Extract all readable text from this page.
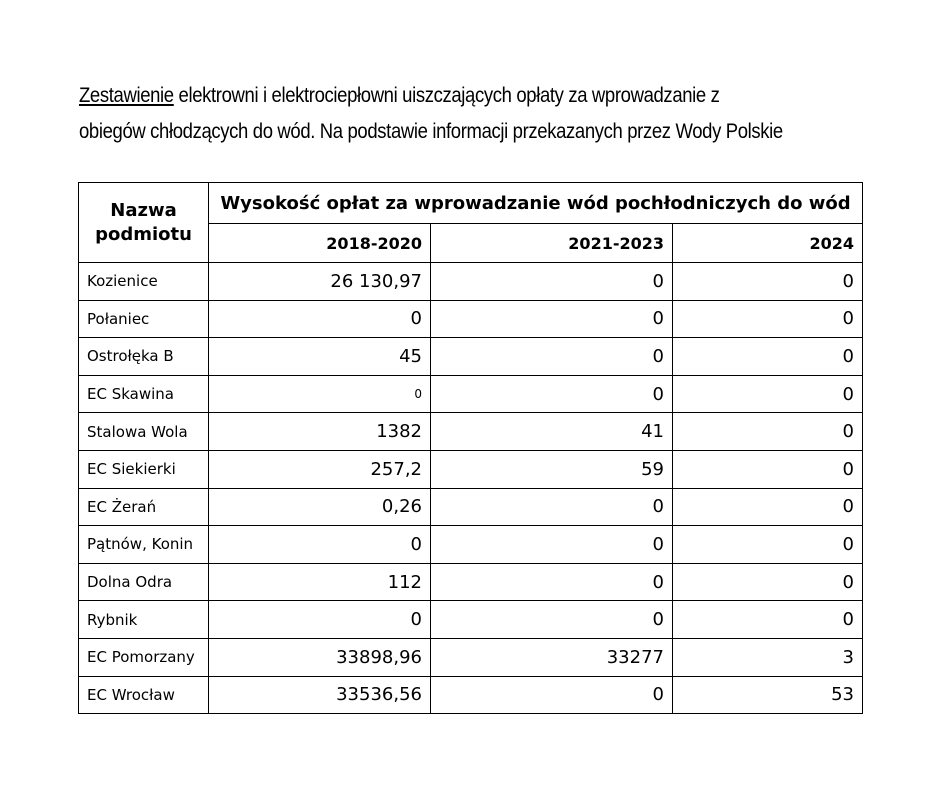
Zestawienie elektrowni i elektrociepłowni uiszczających opłaty za wprowadzanie z
obiegów chłodzących do wód. Na podstawie informacji przekazanych przez Wody Polskie
Nazwa podmiotu	Wysokość opłat za wprowadzanie wód pochłodniczych do wód		
	2018-2020	2021-2023	2024
Kozienice	26 130,97	0	0
Połaniec	0	0	0
Ostrołęka B	45	0	0
EC Skawina	0	0	0
Stalowa Wola	1382	41	0
EC Siekierki	257,2	59	0
EC Żerań	0,26	0	0
Pątnów, Konin	0	0	0
Dolna Odra	112	0	0
Rybnik	0	0	0
EC Pomorzany	33898,96	33277	3
EC Wrocław	33536,56	0	53
